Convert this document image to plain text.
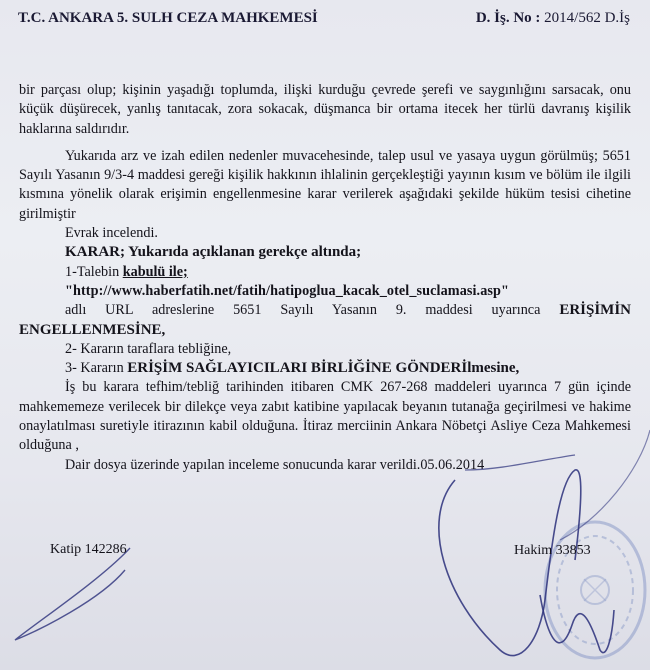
T.C. ANKARA 5. SULH CEZA MAHKEMESİ	D. İş. No : 2014/562 D.İş

bir parçası olup; kişinin yaşadığı toplumda, ilişki kurduğu çevrede şerefi ve saygınlığını sarsacak, onu küçük düşürecek, yanlış tanıtacak, zora sokacak, düşmanca bir ortama itecek her türlü davranış kişilik haklarına saldırıdır.

Yukarıda arz ve izah edilen nedenler muvacehesinde, talep usul ve yasaya uygun görülmüş; 5651 Sayılı Yasanın 9/3-4 maddesi gereği kişilik hakkının ihlalinin gerçekleştiği yayının kısım ve bölüm ile ilgili kısmına yönelik olarak erişimin engellenmesine karar verilerek aşağıdaki şekilde hüküm tesisi cihetine girilmiştir

Evrak incelendi.

KARAR; Yukarıda açıklanan gerekçe altında;

1-Talebin kabulü ile;

"http://www.haberfatih.net/fatih/hatipoglua_kacak_otel_suclamasi.asp"

adlı URL adreslerine 5651 Sayılı Yasanın 9. maddesi uyarınca ERİŞİMİN ENGELLENMESİNE,

2- Kararın taraflara tebliğine,

3- Kararın ERİŞİM SAĞLAYICILARI BİRLİĞİNE GÖNDERİlmesine,

İş bu karara tefhim/tebliğ tarihinden itibaren CMK 267-268 maddeleri uyarınca 7 gün içinde mahkememeze verilecek bir dilekçe veya zabıt katibine yapılacak beyanın tutanağa geçirilmesi ve hakime onaylatılması suretiyle itirazının kabil olduğuna. İtiraz merciinin Ankara Nöbetçi Asliye Ceza Mahkemesi olduğuna ,

Dair dosya üzerinde yapılan inceleme sonucunda karar verildi.05.06.2014

Katip 142286	Hakim 33853
